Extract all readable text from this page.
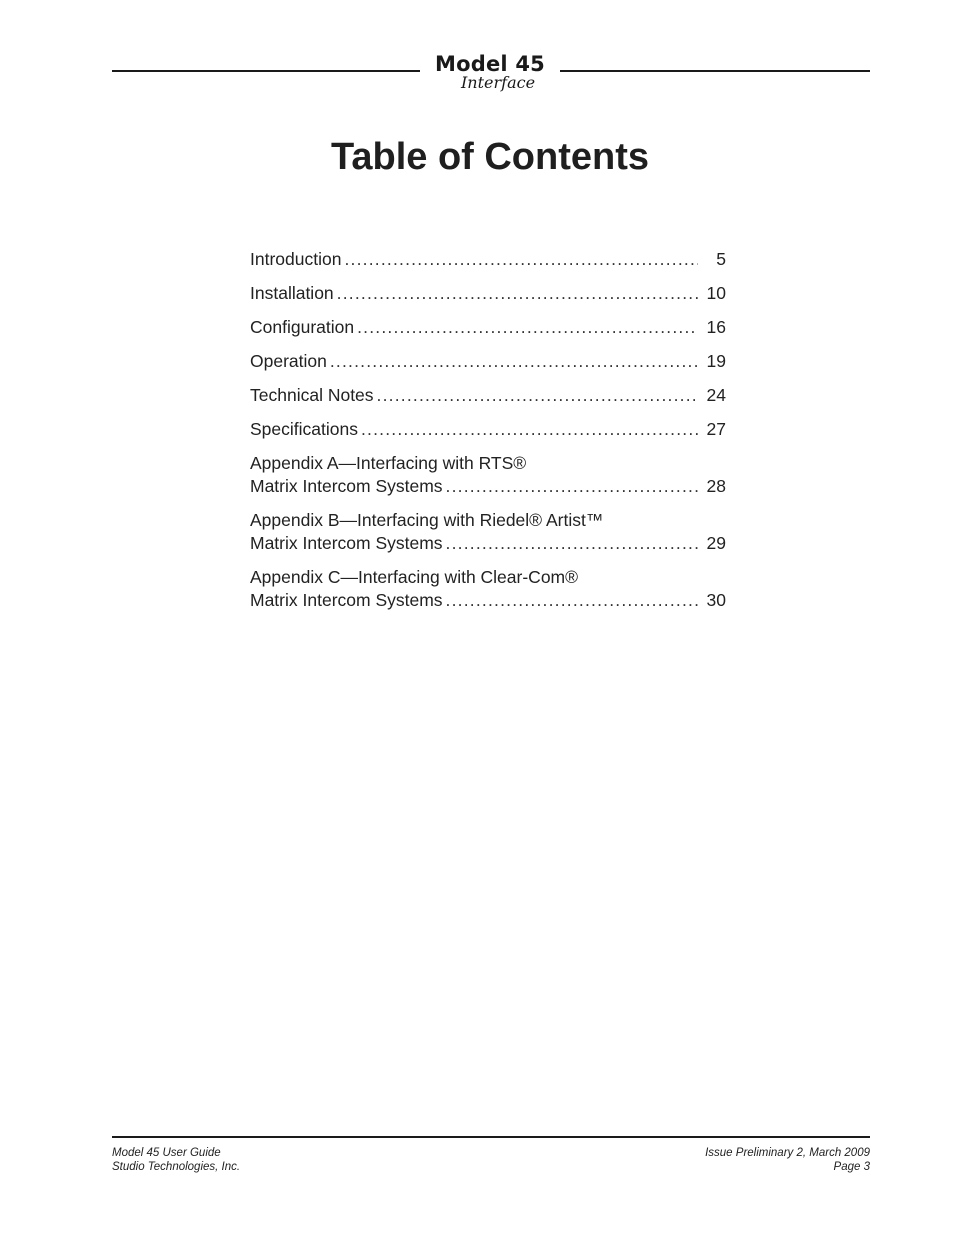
Model 45
Interface
Table of Contents
Introduction .....	5
Installation .....	10
Configuration .....	16
Operation .....	19
Technical Notes .....	24
Specifications .....	27
Appendix A—Interfacing with RTS®
Matrix Intercom Systems .....	28
Appendix B—Interfacing with Riedel® Artist™
Matrix Intercom Systems .....	29
Appendix C—Interfacing with Clear-Com®
Matrix Intercom Systems .....	30
Model 45 User Guide
Studio Technologies, Inc.
Issue Preliminary 2, March 2009
Page 3
